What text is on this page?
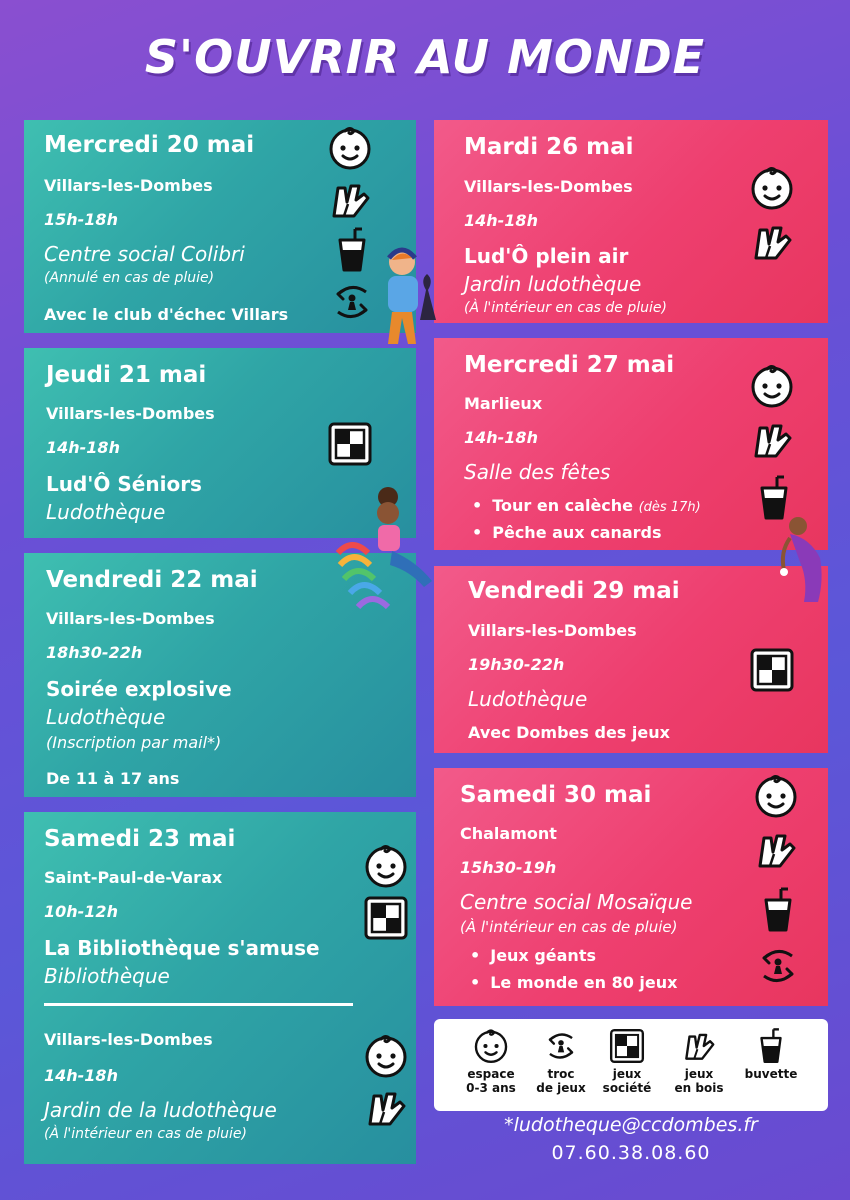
S'OUVRIR AU MONDE
Mercredi 20 mai
Villars-les-Dombes
15h-18h
Centre social Colibri
(Annulé en cas de pluie)
Avec le club d'échec Villars
Jeudi 21 mai
Villars-les-Dombes
14h-18h
Lud'Ô Séniors
Ludothèque
Vendredi 22 mai
Villars-les-Dombes
18h30-22h
Soirée explosive
Ludothèque
(Inscription par mail*)
De 11 à 17 ans
Samedi 23 mai
Saint-Paul-de-Varax
10h-12h
La Bibliothèque s'amuse
Bibliothèque
Villars-les-Dombes
14h-18h
Jardin de la ludothèque
(À l'intérieur en cas de pluie)
Mardi 26 mai
Villars-les-Dombes
14h-18h
Lud'Ô plein air
Jardin ludothèque
(À l'intérieur en cas de pluie)
Mercredi 27 mai
Marlieux
14h-18h
Salle des fêtes
• Tour en calèche (dès 17h)
• Pêche aux canards
Vendredi 29 mai
Villars-les-Dombes
19h30-22h
Ludothèque
Avec Dombes des jeux
Samedi 30 mai
Chalamont
15h30-19h
Centre social Mosaïque
(À l'intérieur en cas de pluie)
• Jeux géants
• Le monde en 80 jeux
espace
0-3 ans
troc
de jeux
jeux
société
jeux
en bois
buvette
*ludotheque@ccdombes.fr
07.60.38.08.60
